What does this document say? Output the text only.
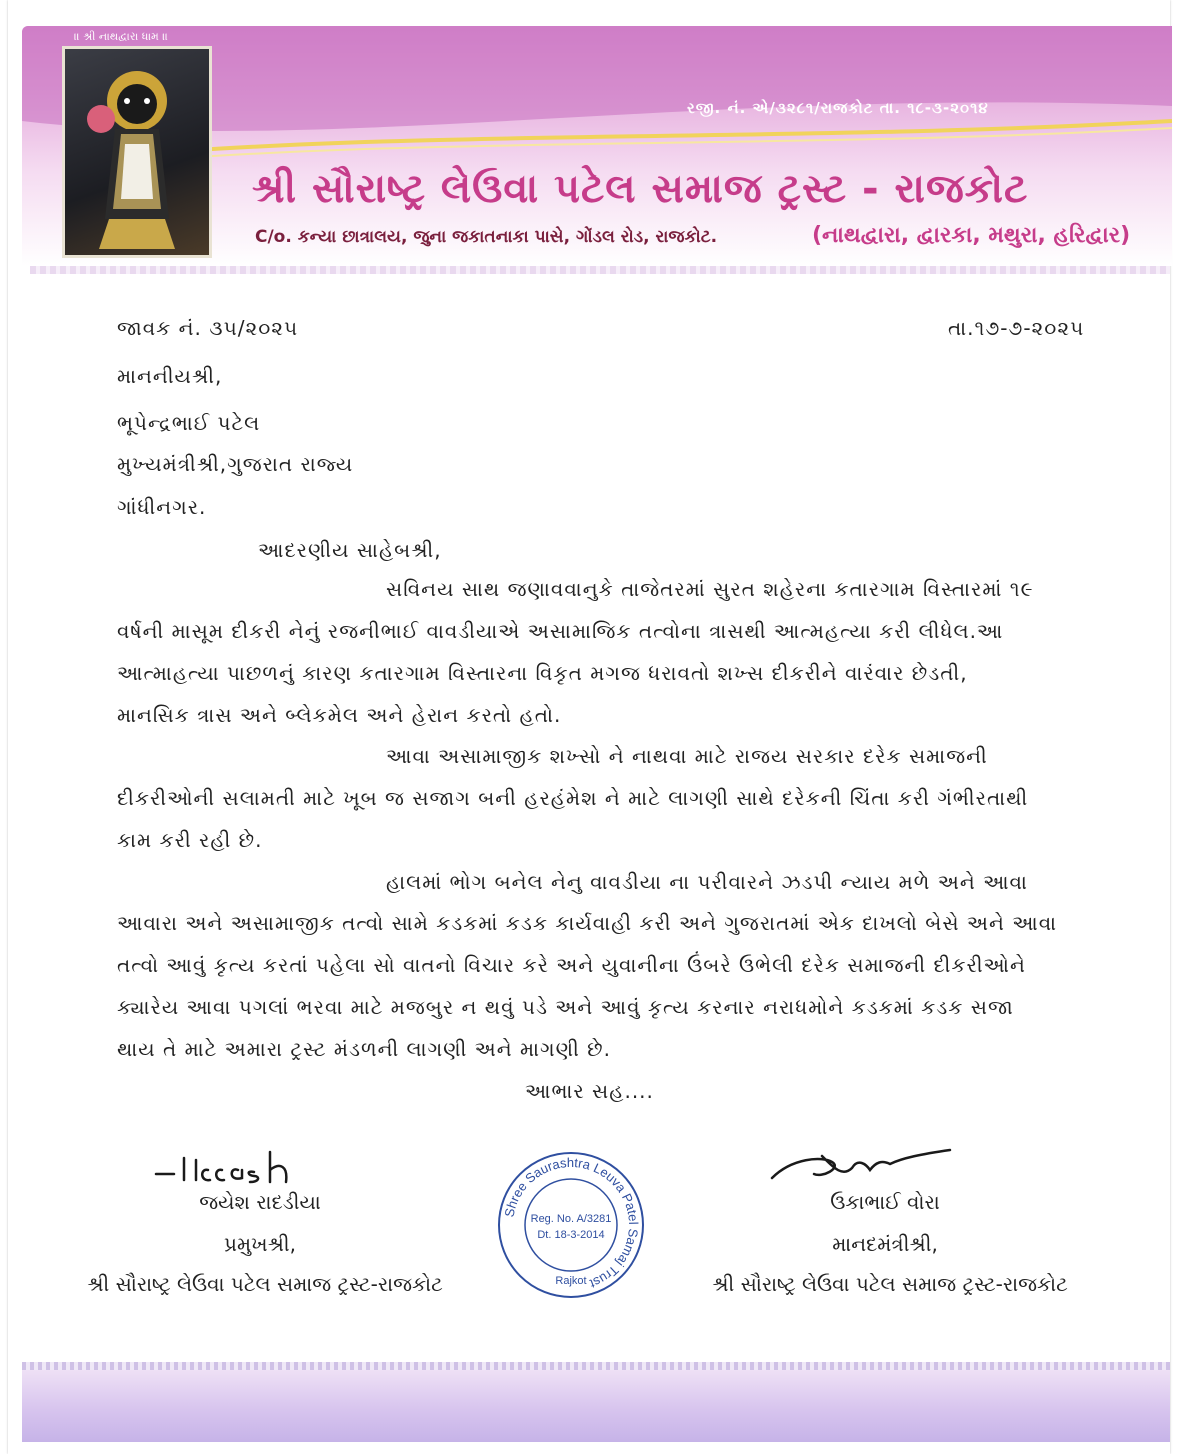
॥ શ્રી નાથદ્વારા ધામ ॥
રજી. નં. એ/૩૨૮૧/રાજકોટ તા. ૧૮-૩-૨૦૧૪
શ્રી સૌરાષ્ટ્ર લેઉવા પટેલ સમાજ ટ્રસ્ટ - રાજકોટ
C/o. કન્યા છાત્રાલય, જુના જકાતનાકા પાસે, ગોંડલ રોડ, રાજકોટ.	(નાથદ્વારા, દ્વારકા, મથુરા, હરિદ્વાર)
જાવક નં. ૩૫/૨૦૨૫	તા.૧૭-૭-૨૦૨૫
માનનીયશ્રી,
ભૂપેન્દ્રભાઈ પટેલ
મુખ્યમંત્રીશ્રી,ગુજરાત રાજ્ય
ગાંધીનગર.
આદરણીય સાહેબશ્રી,
સવિનય સાથ જણાવવાનુકે તાજેતરમાં સુરત શહેરના કતારગામ વિસ્તારમાં ૧૯
વર્ષની માસૂમ દીકરી નેનું રજનીભાઈ વાવડીયાએ અસામાજિક તત્વોના ત્રાસથી આત્મહત્યા કરી લીધેલ.આ
આત્માહત્યા પાછળનું કારણ કતારગામ વિસ્તારના વિકૃત મગજ ધરાવતો શખ્સ દીકરીને વારંવાર છેડતી,
માનસિક ત્રાસ અને બ્લેકમેલ અને હેરાન કરતો હતો.
આવા અસામાજીક શખ્સો ને નાથવા માટે રાજય સરકાર દરેક સમાજની
દીકરીઓની સલામતી માટે ખૂબ જ સજાગ બની હરહંમેશ ને માટે લાગણી સાથે દરેકની ચિંતા કરી ગંભીરતાથી
કામ કરી રહી છે.
હાલમાં ભોગ બનેલ નેનુ વાવડીયા ના પરીવારને ઝડપી ન્યાય મળે અને આવા
આવારા અને અસામાજીક તત્વો સામે કડકમાં કડક કાર્યવાહી કરી અને ગુજરાતમાં એક દાખલો બેસે અને આવા
તત્વો આવું કૃત્ય કરતાં પહેલા સો વાતનો વિચાર કરે અને યુવાનીના ઉંબરે ઉભેલી દરેક સમાજની દીકરીઓને
ક્યારેય આવા પગલાં ભરવા માટે મજબુર ન થવું પડે અને આવું કૃત્ય કરનાર નરાધમોને કડકમાં કડક સજા
થાય તે માટે અમારા ટ્રસ્ટ મંડળની લાગણી અને માગણી છે.
આભાર સહ....
જયેશ રાદડીયા
પ્રમુખશ્રી,
શ્રી સૌરાષ્ટ્ર લેઉવા પટેલ સમાજ ટ્રસ્ટ-રાજકોટ
ઉકાભાઈ વોરા
માનદમંત્રીશ્રી,
શ્રી સૌરાષ્ટ્ર લેઉવા પટેલ સમાજ ટ્રસ્ટ-રાજકોટ
Shree Saurashtra Leuva Patel Samaj Trust
Reg. No. A/3281
Dt. 18-3-2014
Rajkot
